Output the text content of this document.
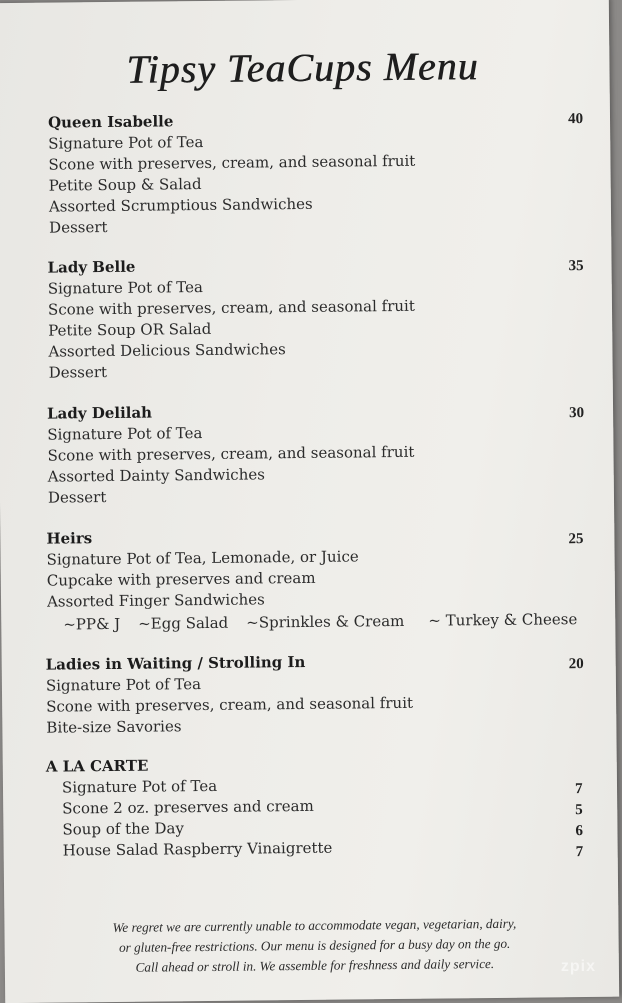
Tipsy TeaCups Menu
Queen Isabelle
Signature Pot of Tea
Scone with preserves, cream, and seasonal fruit
Petite Soup & Salad
Assorted Scrumptious Sandwiches
Dessert
40
Lady Belle
Signature Pot of Tea
Scone with preserves, cream, and seasonal fruit
Petite Soup OR Salad
Assorted Delicious Sandwiches
Dessert
35
Lady Delilah
Signature Pot of Tea
Scone with preserves, cream, and seasonal fruit
Assorted Dainty Sandwiches
Dessert
30
Heirs
Signature Pot of Tea, Lemonade, or Juice
Cupcake with preserves and cream
Assorted Finger Sandwiches
~PP& J ~Egg Salad ~Sprinkles & Cream ~ Turkey & Cheese
25
Ladies in Waiting / Strolling In
Signature Pot of Tea
Scone with preserves, cream, and seasonal fruit
Bite-size Savories
20
A LA CARTE
Signature Pot of Tea
Scone 2 oz. preserves and cream
Soup of the Day
House Salad Raspberry Vinaigrette
7
5
6
7
We regret we are currently unable to accommodate vegan, vegetarian, dairy,
or gluten-free restrictions. Our menu is designed for a busy day on the go.
Call ahead or stroll in. We assemble for freshness and daily service.	zpix
